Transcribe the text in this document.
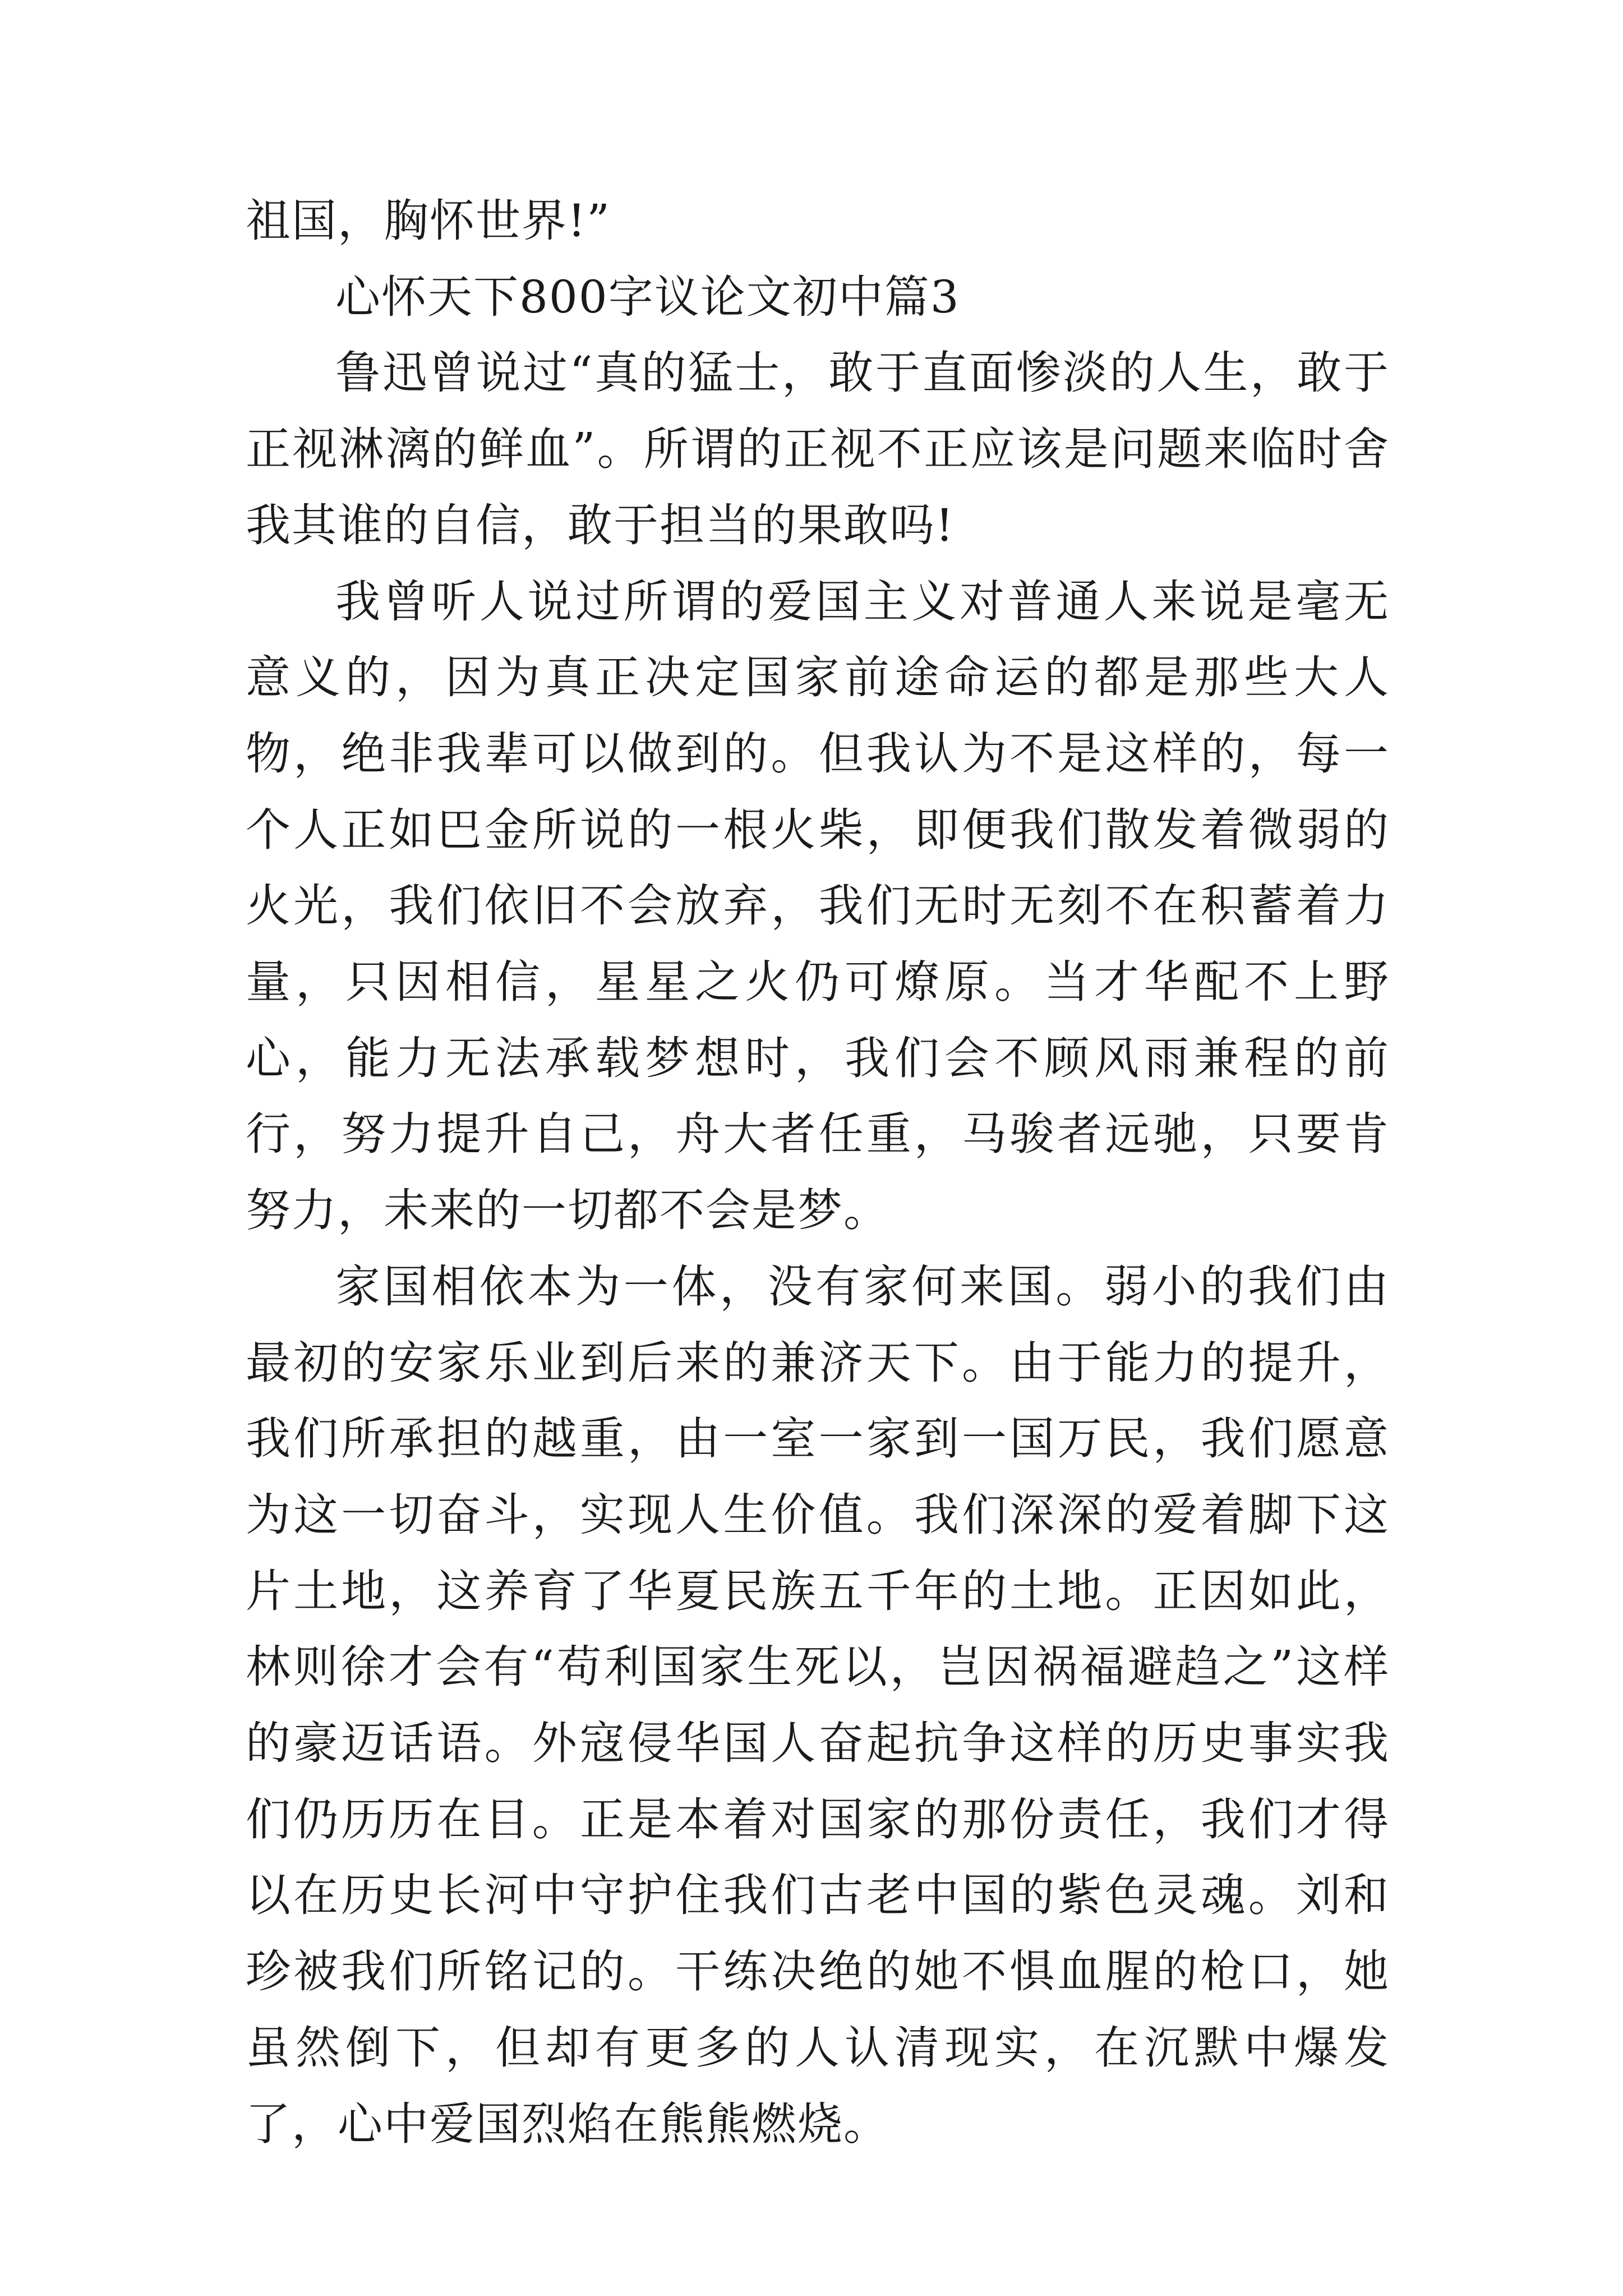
祖国，胸怀世界!”

心怀天下800字议论文初中篇3

鲁迅曾说过“真的猛士，敢于直面惨淡的人生，敢于正视淋漓的鲜血”。所谓的正视不正应该是问题来临时舍我其谁的自信，敢于担当的果敢吗!

我曾听人说过所谓的爱国主义对普通人来说是毫无意义的，因为真正决定国家前途命运的都是那些大人物，绝非我辈可以做到的。但我认为不是这样的，每一个人正如巴金所说的一根火柴，即便我们散发着微弱的火光，我们依旧不会放弃，我们无时无刻不在积蓄着力量，只因相信，星星之火仍可燎原。当才华配不上野心，能力无法承载梦想时，我们会不顾风雨兼程的前行，努力提升自己，舟大者任重，马骏者远驰，只要肯努力，未来的一切都不会是梦。

家国相依本为一体，没有家何来国。弱小的我们由最初的安家乐业到后来的兼济天下。由于能力的提升，我们所承担的越重，由一室一家到一国万民，我们愿意为这一切奋斗，实现人生价值。我们深深的爱着脚下这片土地，这养育了华夏民族五千年的土地。正因如此，林则徐才会有“苟利国家生死以，岂因祸福避趋之”这样的豪迈话语。外寇侵华国人奋起抗争这样的历史事实我们仍历历在目。正是本着对国家的那份责任，我们才得以在历史长河中守护住我们古老中国的紫色灵魂。刘和珍被我们所铭记的。干练决绝的她不惧血腥的枪口，她虽然倒下，但却有更多的人认清现实，在沉默中爆发了，心中爱国烈焰在熊熊燃烧。
